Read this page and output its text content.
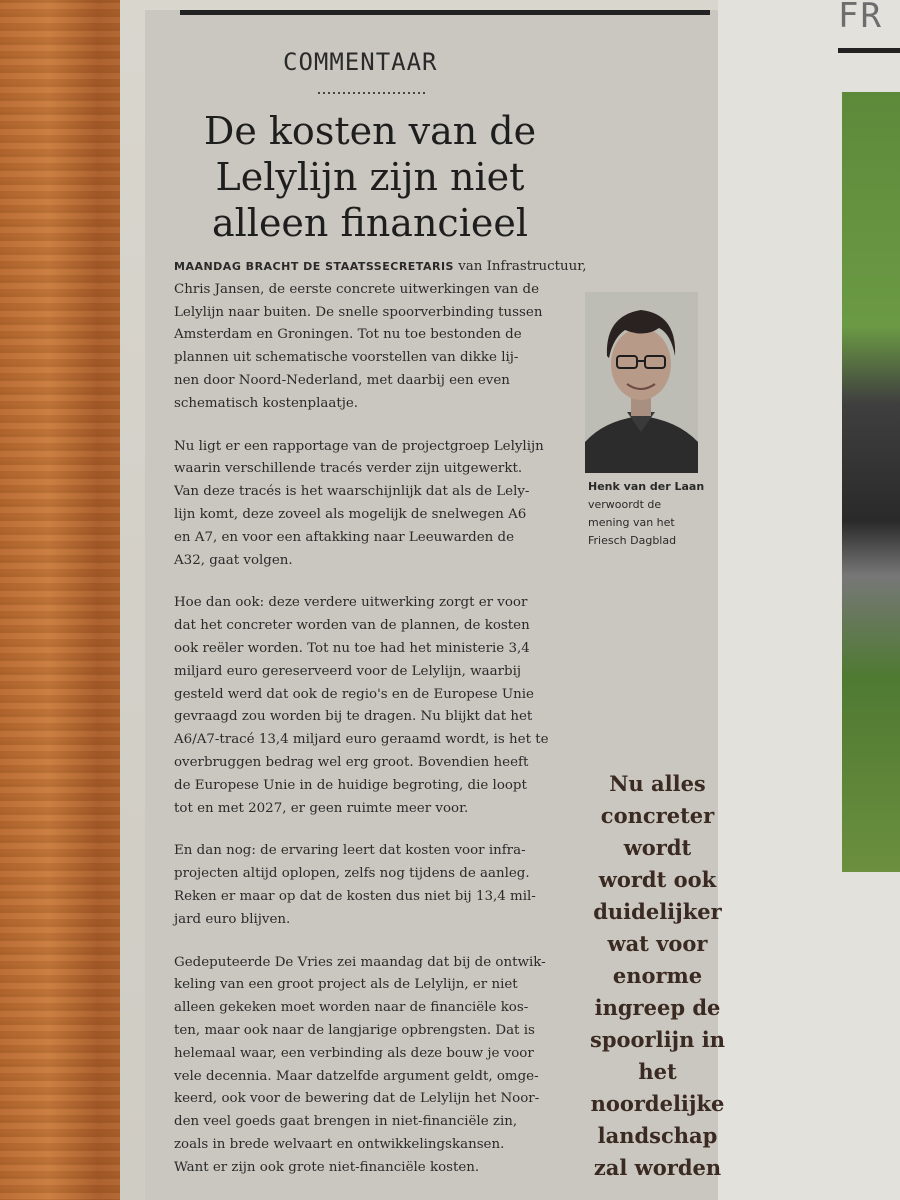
FR
COMMENTAAR
De kosten van de
Lelylijn zijn niet
alleen financieel

MAANDAG BRACHT DE STAATSSECRETARIS van Infrastructuur,
Chris Jansen, de eerste concrete uitwerkingen van de
Lelylijn naar buiten. De snelle spoorverbinding tussen
Amsterdam en Groningen. Tot nu toe bestonden de
plannen uit schematische voorstellen van dikke lij-
nen door Noord-Nederland, met daarbij een even
schematisch kostenplaatje.

Nu ligt er een rapportage van de projectgroep Lelylijn
waarin verschillende tracés verder zijn uitgewerkt.
Van deze tracés is het waarschijnlijk dat als de Lely-
lijn komt, deze zoveel als mogelijk de snelwegen A6
en A7, en voor een aftakking naar Leeuwarden de
A32, gaat volgen.

Hoe dan ook: deze verdere uitwerking zorgt er voor
dat het concreter worden van de plannen, de kosten
ook reëler worden. Tot nu toe had het ministerie 3,4
miljard euro gereserveerd voor de Lelylijn, waarbij
gesteld werd dat ook de regio's en de Europese Unie
gevraagd zou worden bij te dragen. Nu blijkt dat het
A6/A7-tracé 13,4 miljard euro geraamd wordt, is het te
overbruggen bedrag wel erg groot. Bovendien heeft
de Europese Unie in de huidige begroting, die loopt
tot en met 2027, er geen ruimte meer voor.

En dan nog: de ervaring leert dat kosten voor infra-
projecten altijd oplopen, zelfs nog tijdens de aanleg.
Reken er maar op dat de kosten dus niet bij 13,4 mil-
jard euro blijven.

Gedeputeerde De Vries zei maandag dat bij de ontwik-
keling van een groot project als de Lelylijn, er niet
alleen gekeken moet worden naar de financiële kos-
ten, maar ook naar de langjarige opbrengsten. Dat is
helemaal waar, een verbinding als deze bouw je voor
vele decennia. Maar datzelfde argument geldt, omge-
keerd, ook voor de bewering dat de Lelylijn het Noor-
den veel goeds gaat brengen in niet-financiële zin,
zoals in brede welvaart en ontwikkelingskansen.
Want er zijn ook grote niet-financiële kosten.

Henk van der Laan
verwoordt de
mening van het
Friesch Dagblad
Nu alles
concreter
wordt
wordt ook
duidelijker
wat voor
enorme
ingreep de
spoorlijn in
het
noordelijke
landschap
zal worden
